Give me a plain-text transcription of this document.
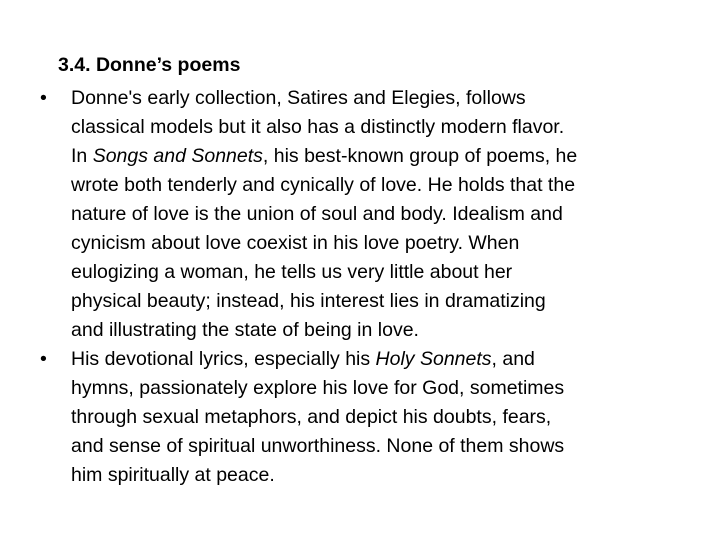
3.4. Donne’s poems
• Donne's early collection, Satires and Elegies, follows
classical models but it also has a distinctly modern flavor.
In Songs and Sonnets, his best-known group of poems, he
wrote both tenderly and cynically of love. He holds that the
nature of love is the union of soul and body. Idealism and
cynicism about love coexist in his love poetry. When
eulogizing a woman, he tells us very little about her
physical beauty; instead, his interest lies in dramatizing
and illustrating the state of being in love.
• His devotional lyrics, especially his Holy Sonnets, and
hymns, passionately explore his love for God, sometimes
through sexual metaphors, and depict his doubts, fears,
and sense of spiritual unworthiness. None of them shows
him spiritually at peace.
